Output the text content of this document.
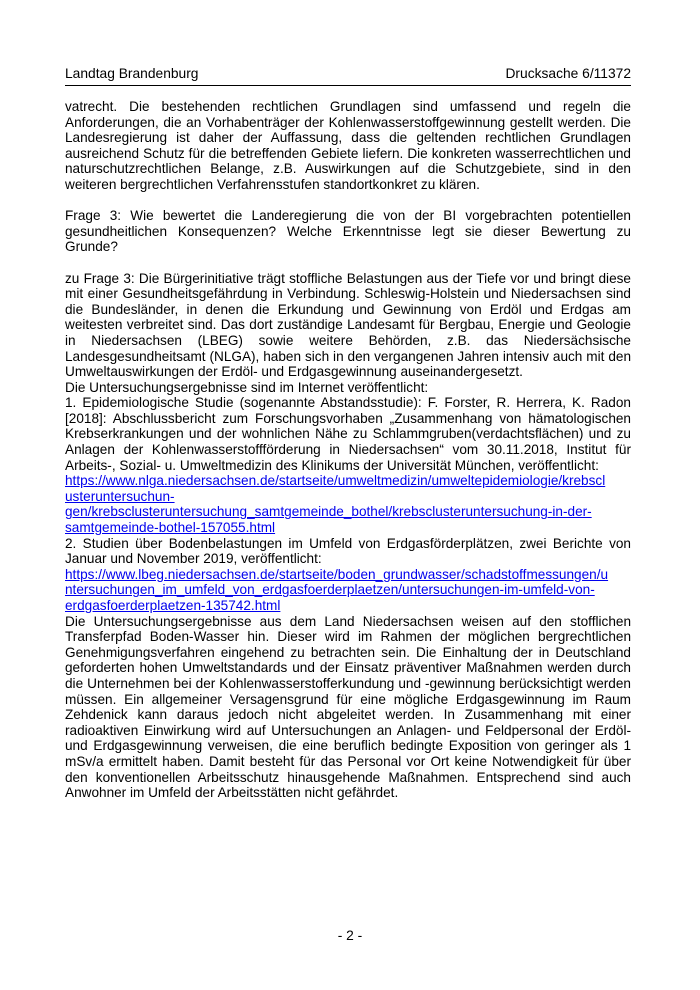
Landtag Brandenburg	Drucksache 6/11372

vatrecht. Die bestehenden rechtlichen Grundlagen sind umfassend und regeln die Anforderungen, die an Vorhabenträger der Kohlenwasserstoffgewinnung gestellt werden. Die Landesregierung ist daher der Auffassung, dass die geltenden rechtlichen Grundlagen ausreichend Schutz für die betreffenden Gebiete liefern. Die konkreten wasserrechtlichen und naturschutzrechtlichen Belange, z.B. Auswirkungen auf die Schutzgebiete, sind in den weiteren bergrechtlichen Verfahrensstufen standortkonkret zu klären.

Frage 3: Wie bewertet die Landeregierung die von der BI vorgebrachten potentiellen gesundheitlichen Konsequenzen? Welche Erkenntnisse legt sie dieser Bewertung zu Grunde?

zu Frage 3: Die Bürgerinitiative trägt stoffliche Belastungen aus der Tiefe vor und bringt diese mit einer Gesundheitsgefährdung in Verbindung. Schleswig-Holstein und Niedersachsen sind die Bundesländer, in denen die Erkundung und Gewinnung von Erdöl und Erdgas am weitesten verbreitet sind. Das dort zuständige Landesamt für Bergbau, Energie und Geologie in Niedersachsen (LBEG) sowie weitere Behörden, z.B. das Niedersächsische Landesgesundheitsamt (NLGA), haben sich in den vergangenen Jahren intensiv auch mit den Umweltauswirkungen der Erdöl- und Erdgasgewinnung auseinandergesetzt.

Die Untersuchungsergebnisse sind im Internet veröffentlicht:

1. Epidemiologische Studie (sogenannte Abstandsstudie): F. Forster, R. Herrera, K. Radon [2018]: Abschlussbericht zum Forschungsvorhaben „Zusammenhang von hämatologischen Krebserkrankungen und der wohnlichen Nähe zu Schlammgruben(verdachtsflächen) und zu Anlagen der Kohlenwasserstoffförderung in Niedersachsen“ vom 30.11.2018, Institut für Arbeits-, Sozial- u. Umweltmedizin des Klinikums der Universität München, veröffentlicht:

https://www.nlga.niedersachsen.de/startseite/umweltmedizin/umweltepidemiologie/krebscl
usteruntersuchun-
gen/krebsclusteruntersuchung_samtgemeinde_bothel/krebsclusteruntersuchung-in-der-
samtgemeinde-bothel-157055.html

2. Studien über Bodenbelastungen im Umfeld von Erdgasförderplätzen, zwei Berichte von Januar und November 2019, veröffentlicht:

https://www.lbeg.niedersachsen.de/startseite/boden_grundwasser/schadstoffmessungen/u
ntersuchungen_im_umfeld_von_erdgasfoerderplaetzen/untersuchungen-im-umfeld-von-
erdgasfoerderplaetzen-135742.html

Die Untersuchungsergebnisse aus dem Land Niedersachsen weisen auf den stofflichen Transferpfad Boden-Wasser hin. Dieser wird im Rahmen der möglichen bergrechtlichen Genehmigungsverfahren eingehend zu betrachten sein. Die Einhaltung der in Deutschland geforderten hohen Umweltstandards und der Einsatz präventiver Maßnahmen werden durch die Unternehmen bei der Kohlenwasserstofferkundung und -gewinnung berücksichtigt werden müssen. Ein allgemeiner Versagensgrund für eine mögliche Erdgasgewinnung im Raum Zehdenick kann daraus jedoch nicht abgeleitet werden. In Zusammenhang mit einer radioaktiven Einwirkung wird auf Untersuchungen an Anlagen- und Feldpersonal der Erdöl- und Erdgasgewinnung verweisen, die eine beruflich bedingte Exposition von geringer als 1 mSv/a ermittelt haben. Damit besteht für das Personal vor Ort keine Notwendigkeit für über den konventionellen Arbeitsschutz hinausgehende Maßnahmen. Entsprechend sind auch Anwohner im Umfeld der Arbeitsstätten nicht gefährdet.

- 2 -
